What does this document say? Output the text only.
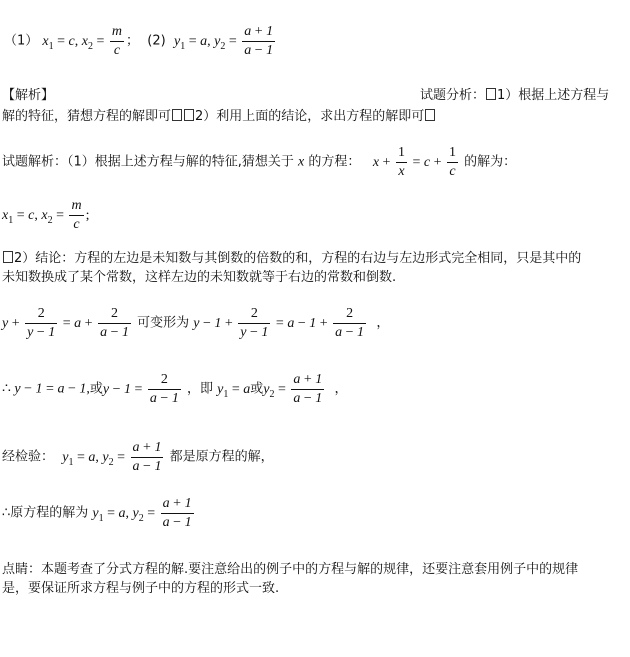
（1） $x_1 = c$, $x_2 = \frac{m}{c}$ ； (2) $y_1 = a$, $y_2 = \frac{a + 1}{a - 1}$
【解析】	试题分析： 1）根据上述方程与
解的特征，猜想方程的解即可 2）利用上面的结论，求出方程的解即可
试题解析：（1）根据上述方程与解的特征,猜想关于 x 的方程： $x + \frac{1}{x} = c + \frac{1}{c}$ 的解为：
$x_1 = c$, $x_2 = \frac{m}{c}$ ;
2）结论：方程的左边是未知数与其倒数的倍数的和，方程的右边与左边形式完全相同，只是其中的
未知数换成了某个常数，这样左边的未知数就等于右边的常数和倒数.
$y + \frac{2}{y - 1} = a + \frac{2}{a - 1}$ 可变形为 $y - 1 + \frac{2}{y - 1} = a - 1 + \frac{2}{a - 1}$ ，
∴ y − 1 = a − 1,或$y - 1 = \frac{2}{a - 1}$ ，即 $y_1 = a$或$y_2 = \frac{a + 1}{a - 1}$ ，
经检验： $y_1 = a$, $y_2 = \frac{a + 1}{a - 1}$ 都是原方程的解，
∴原方程的解为 $y_1 = a$, $y_2 = \frac{a + 1}{a - 1}$
点睛：本题考查了分式方程的解.要注意给出的例子中的方程与解的规律，还要注意套用例子中的规律
是，要保证所求方程与例子中的方程的形式一致.
